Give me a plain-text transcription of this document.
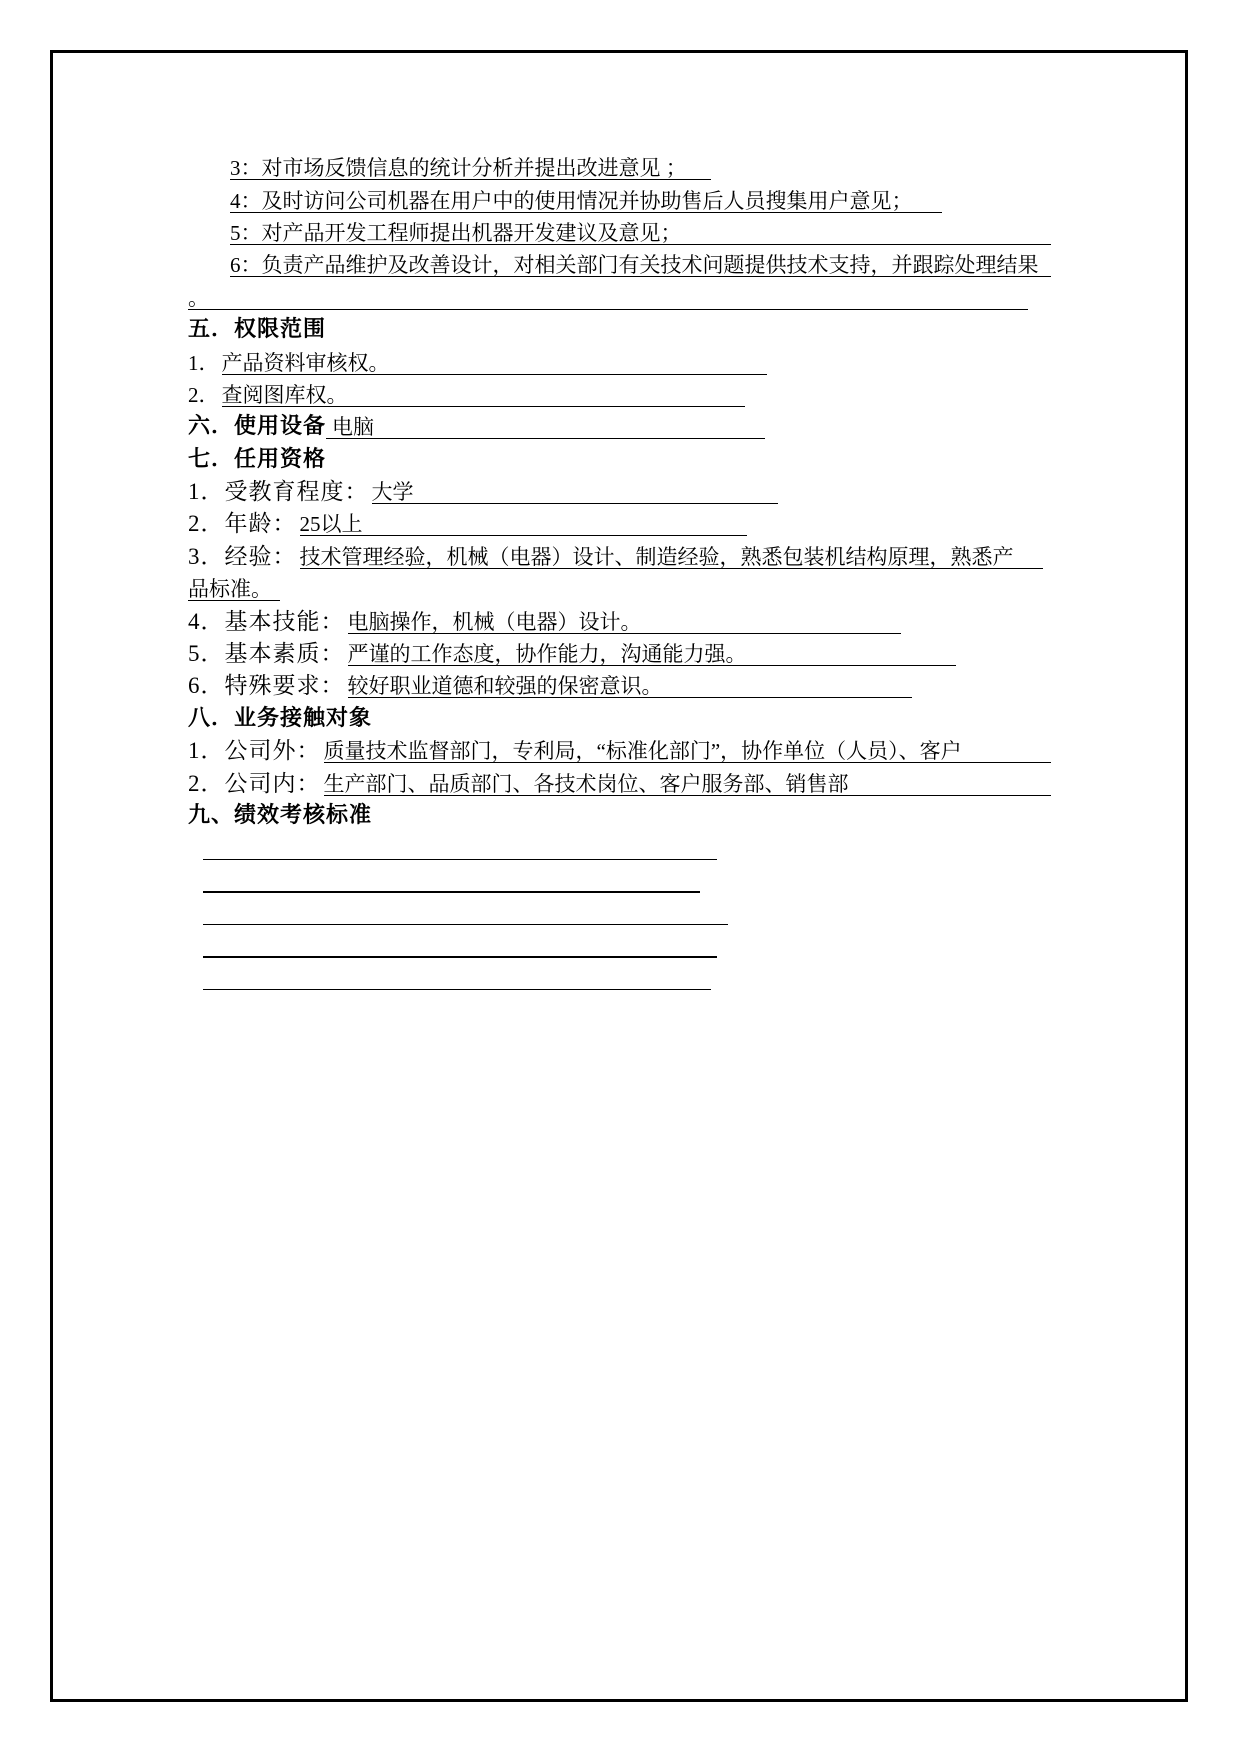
3：对市场反馈信息的统计分析并提出改进意见 ；
4：及时访问公司机器在用户中的使用情况并协助售后人员搜集用户意见；
5：对产品开发工程师提出机器开发建议及意见；
6：负责产品维护及改善设计，对相关部门有关技术问题提供技术支持，并跟踪处理结果
。
五．权限范围
1． 产品资料审核权。
2． 查阅图库权。
六．使用设备 电脑
七．任用资格
1．受教育程度： 大学
2．年龄： 25以上
3．经验： 技术管理经验，机械（电器）设计、制造经验，熟悉包装机结构原理，熟悉产
品标准。
4．基本技能： 电脑操作，机械（电器）设计。
5．基本素质： 严谨的工作态度，协作能力，沟通能力强。
6．特殊要求： 较好职业道德和较强的保密意识。
八．业务接触对象
1．公司外： 质量技术监督部门，专利局，“标准化部门”，协作单位（人员）、客户
2．公司内： 生产部门、品质部门、各技术岗位、客户服务部、销售部
九、绩效考核标准
